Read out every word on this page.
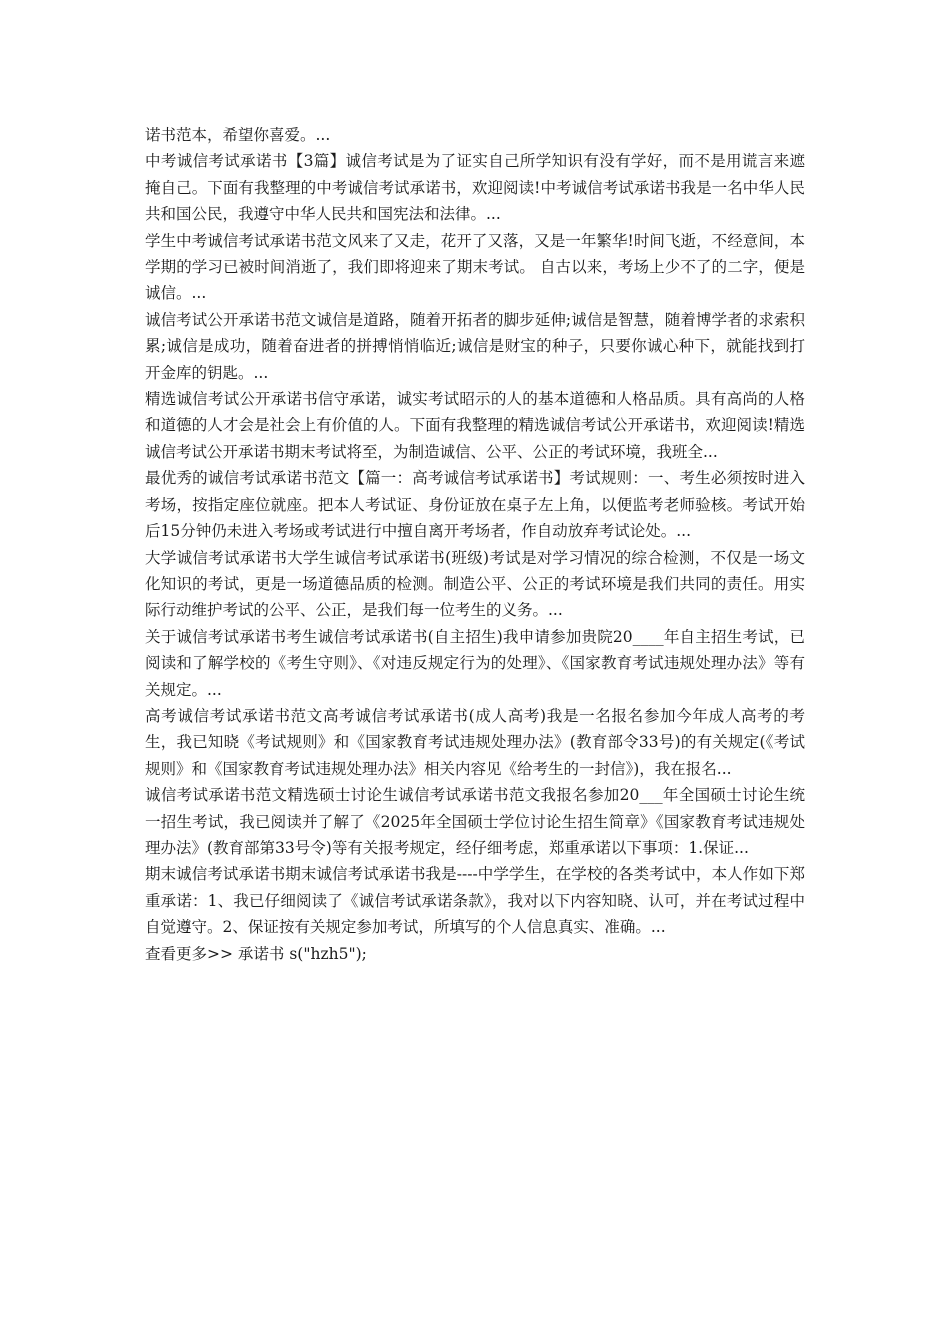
诺书范本，希望你喜爱。...

中考诚信考试承诺书【3篇】诚信考试是为了证实自己所学知识有没有学好，而不是用谎言来遮掩自己。下面有我整理的中考诚信考试承诺书，欢迎阅读!中考诚信考试承诺书我是一名中华人民共和国公民，我遵守中华人民共和国宪法和法律。...

学生中考诚信考试承诺书范文风来了又走，花开了又落，又是一年繁华!时间飞逝，不经意间，本学期的学习已被时间消逝了，我们即将迎来了期末考试。 自古以来，考场上少不了的二字，便是诚信。...

诚信考试公开承诺书范文诚信是道路，随着开拓者的脚步延伸;诚信是智慧，随着博学者的求索积累;诚信是成功，随着奋进者的拼搏悄悄临近;诚信是财宝的种子，只要你诚心种下，就能找到打开金库的钥匙。...

精选诚信考试公开承诺书信守承诺，诚实考试昭示的人的基本道德和人格品质。具有高尚的人格和道德的人才会是社会上有价值的人。下面有我整理的精选诚信考试公开承诺书，欢迎阅读!精选诚信考试公开承诺书期末考试将至，为制造诚信、公平、公正的考试环境，我班全...

最优秀的诚信考试承诺书范文【篇一：高考诚信考试承诺书】考试规则：一、考生必须按时进入考场，按指定座位就座。把本人考试证、身份证放在桌子左上角，以便监考老师验核。考试开始后15分钟仍未进入考场或考试进行中擅自离开考场者，作自动放弃考试论处。...

大学诚信考试承诺书大学生诚信考试承诺书(班级)考试是对学习情况的综合检测，不仅是一场文化知识的考试，更是一场道德品质的检测。制造公平、公正的考试环境是我们共同的责任。用实际行动维护考试的公平、公正，是我们每一位考生的义务。...

关于诚信考试承诺书考生诚信考试承诺书(自主招生)我申请参加贵院20____年自主招生考试，已阅读和了解学校的《考生守则》、《对违反规定行为的处理》、《国家教育考试违规处理办法》等有关规定。...

高考诚信考试承诺书范文高考诚信考试承诺书(成人高考)我是一名报名参加今年成人高考的考生，我已知晓《考试规则》和《国家教育考试违规处理办法》(教育部令33号)的有关规定(《考试规则》和《国家教育考试违规处理办法》相关内容见《给考生的一封信》)，我在报名...

诚信考试承诺书范文精选硕士讨论生诚信考试承诺书范文我报名参加20___年全国硕士讨论生统一招生考试，我已阅读并了解了《2025年全国硕士学位讨论生招生简章》《国家教育考试违规处理办法》(教育部第33号令)等有关报考规定，经仔细考虑，郑重承诺以下事项：1.保证...

期末诚信考试承诺书期末诚信考试承诺书我是----中学学生，在学校的各类考试中，本人作如下郑重承诺：1、我已仔细阅读了《诚信考试承诺条款》，我对以下内容知晓、认可，并在考试过程中自觉遵守。2、保证按有关规定参加考试，所填写的个人信息真实、准确。...

查看更多>> 承诺书 s("hzh5");
